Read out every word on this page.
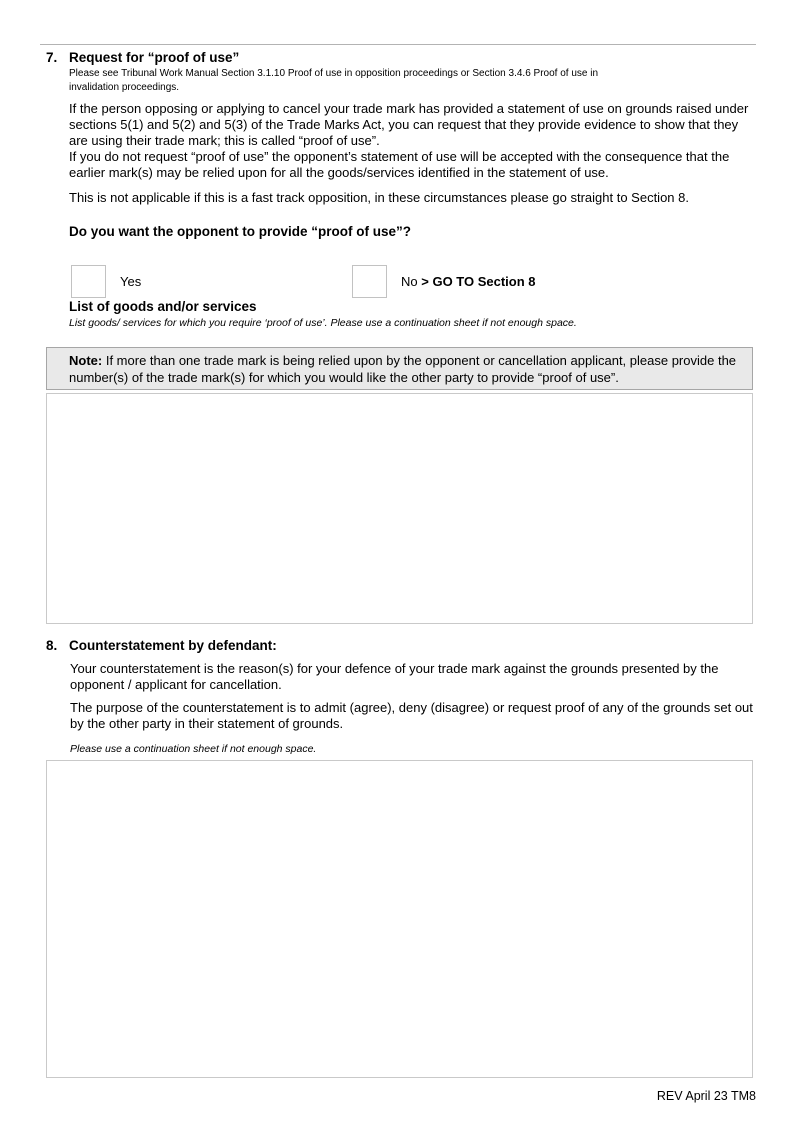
7. Request for “proof of use”
Please see Tribunal Work Manual Section 3.1.10 Proof of use in opposition proceedings or Section 3.4.6 Proof of use in invalidation proceedings.
If the person opposing or applying to cancel your trade mark has provided a statement of use on grounds raised under sections 5(1) and 5(2) and 5(3) of the Trade Marks Act, you can request that they provide evidence to show that they are using their trade mark; this is called “proof of use”.
If you do not request “proof of use” the opponent’s statement of use will be accepted with the consequence that the earlier mark(s) may be relied upon for all the goods/services identified in the statement of use.
This is not applicable if this is a fast track opposition, in these circumstances please go straight to Section 8.
Do you want the opponent to provide “proof of use”?
Yes	No > GO TO Section 8
List of goods and/or services
List goods/ services for which you require ‘proof of use’. Please use a continuation sheet if not enough space.
Note: If more than one trade mark is being relied upon by the opponent or cancellation applicant, please provide the number(s) of the trade mark(s) for which you would like the other party to provide “proof of use”.
8. Counterstatement by defendant:
Your counterstatement is the reason(s) for your defence of your trade mark against the grounds presented by the opponent / applicant for cancellation.
The purpose of the counterstatement is to admit (agree), deny (disagree) or request proof of any of the grounds set out by the other party in their statement of grounds.
Please use a continuation sheet if not enough space.
REV April 23 TM8
